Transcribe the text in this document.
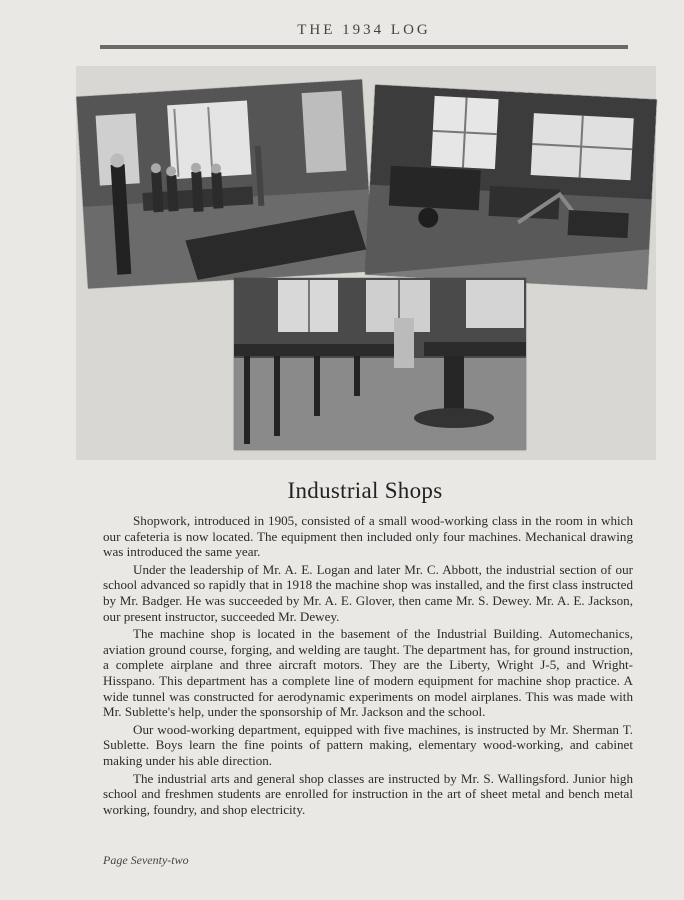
THE 1934 LOG
Industrial Shops

Shopwork, introduced in 1905, consisted of a small wood-working class in the room in which our cafeteria is now located. The equipment then included only four machines. Mechanical drawing was introduced the same year.

Under the leadership of Mr. A. E. Logan and later Mr. C. Abbott, the industrial section of our school advanced so rapidly that in 1918 the machine shop was installed, and the first class instructed by Mr. Badger. He was succeeded by Mr. A. E. Glover, then came Mr. S. Dewey. Mr. A. E. Jackson, our present instructor, succeeded Mr. Dewey.

The machine shop is located in the basement of the Industrial Building. Automechanics, aviation ground course, forging, and welding are taught. The department has, for ground instruction, a complete airplane and three aircraft motors. They are the Liberty, Wright J-5, and Wright-Hisspano. This department has a complete line of modern equipment for machine shop practice. A wide tunnel was constructed for aerodynamic experiments on model airplanes. This was made with Mr. Sublette's help, under the sponsorship of Mr. Jackson and the school.

Our wood-working department, equipped with five machines, is instructed by Mr. Sherman T. Sublette. Boys learn the fine points of pattern making, elementary wood-working, and cabinet making under his able direction.

The industrial arts and general shop classes are instructed by Mr. S. Wallingsford. Junior high school and freshmen students are enrolled for instruction in the art of sheet metal and bench metal working, foundry, and shop electricity.

Page Seventy-two
